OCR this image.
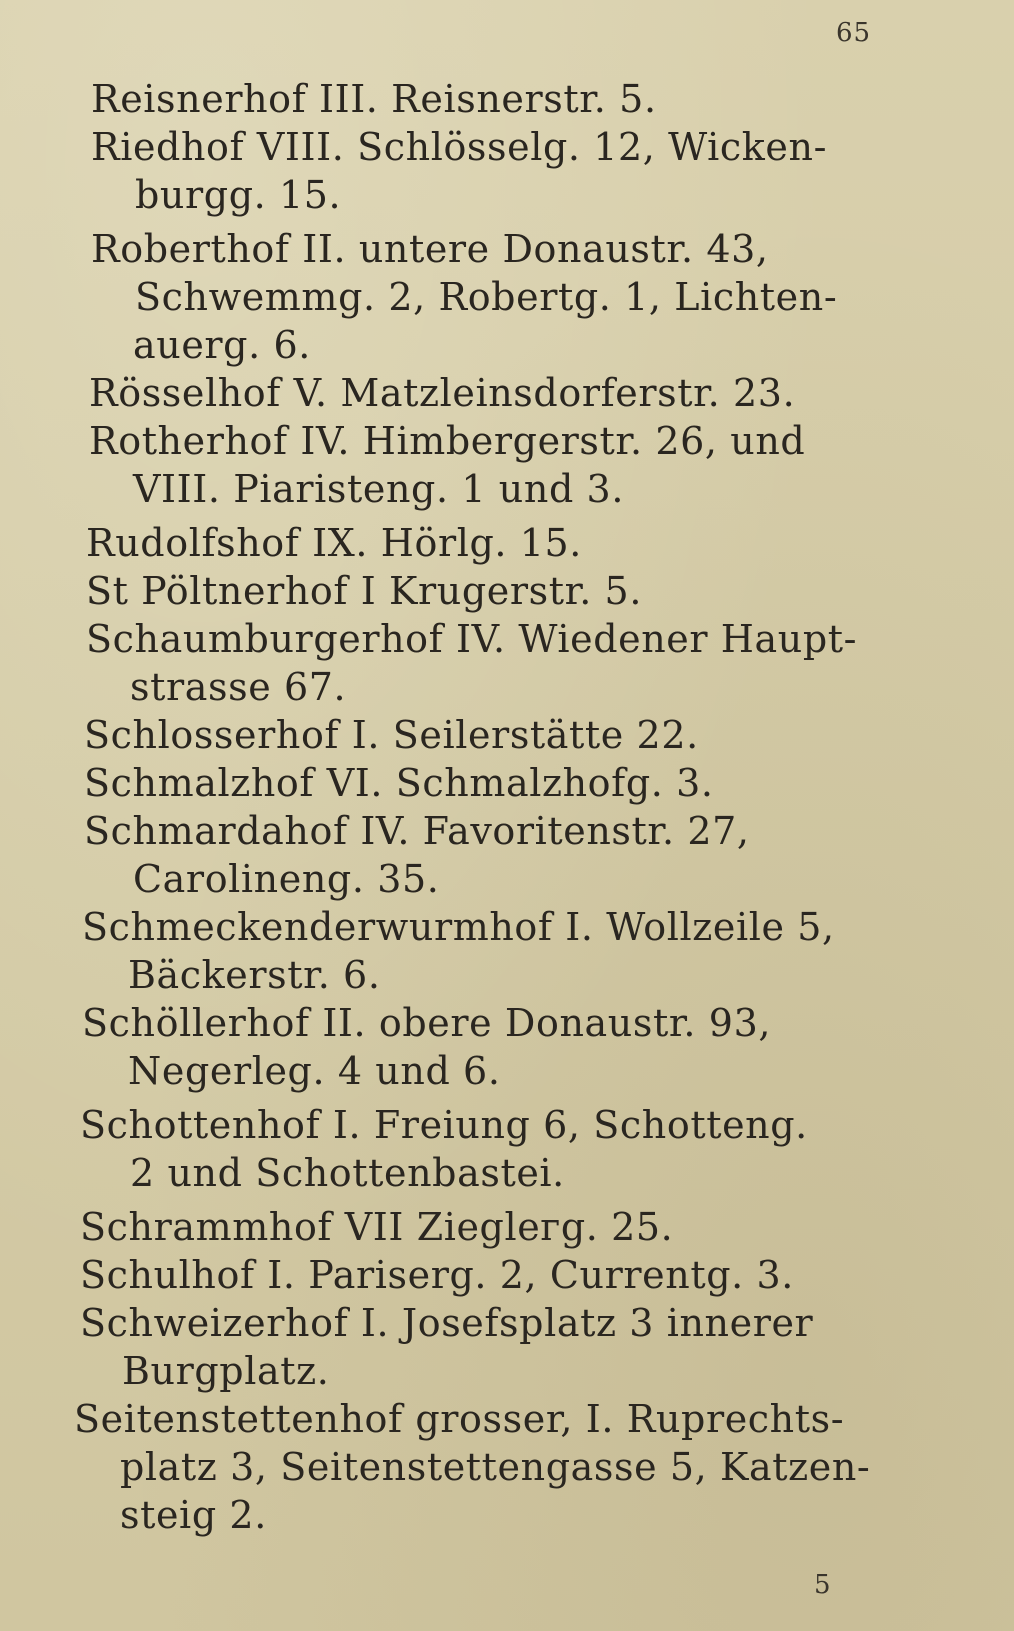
65
Reisnerhof III. Reisnerstr. 5.
Riedhof VIII. Schlösselg. 12, Wicken-
burgg. 15.
Roberthof II. untere Donaustr. 43,
Schwemmg. 2, Robertg. 1, Lichten-
auerg. 6.
Rösselhof V. Matzleinsdorferstr. 23.
Rotherhof IV. Himbergerstr. 26, und
VIII. Piaristeng. 1 und 3.
Rudolfshof IX. Hörlg. 15.
St Pöltnerhof I Krugerstr. 5.
Schaumburgerhof IV. Wiedener Haupt-
strasse 67.
Schlosserhof I. Seilerstätte 22.
Schmalzhof VI. Schmalzhofg. 3.
Schmardahof IV. Favoritenstr. 27,
Carolineng. 35.
Schmeckenderwurmhof I. Wollzeile 5,
Bäckerstr. 6.
Schöllerhof II. obere Donaustr. 93,
Negerleg. 4 und 6.
Schottenhof I. Freiung 6, Schotteng.
2 und Schottenbastei.
Schrammhof VII Ziegleгg. 25.
Schulhof I. Pariserg. 2, Currentg. 3.
Schweizerhof I. Josefsplatz 3 innerer
Burgplatz.
Seitenstettenhof grosser, I. Ruprechts-
platz 3, Seitenstettengasse 5, Katzen-
steig 2.
5
